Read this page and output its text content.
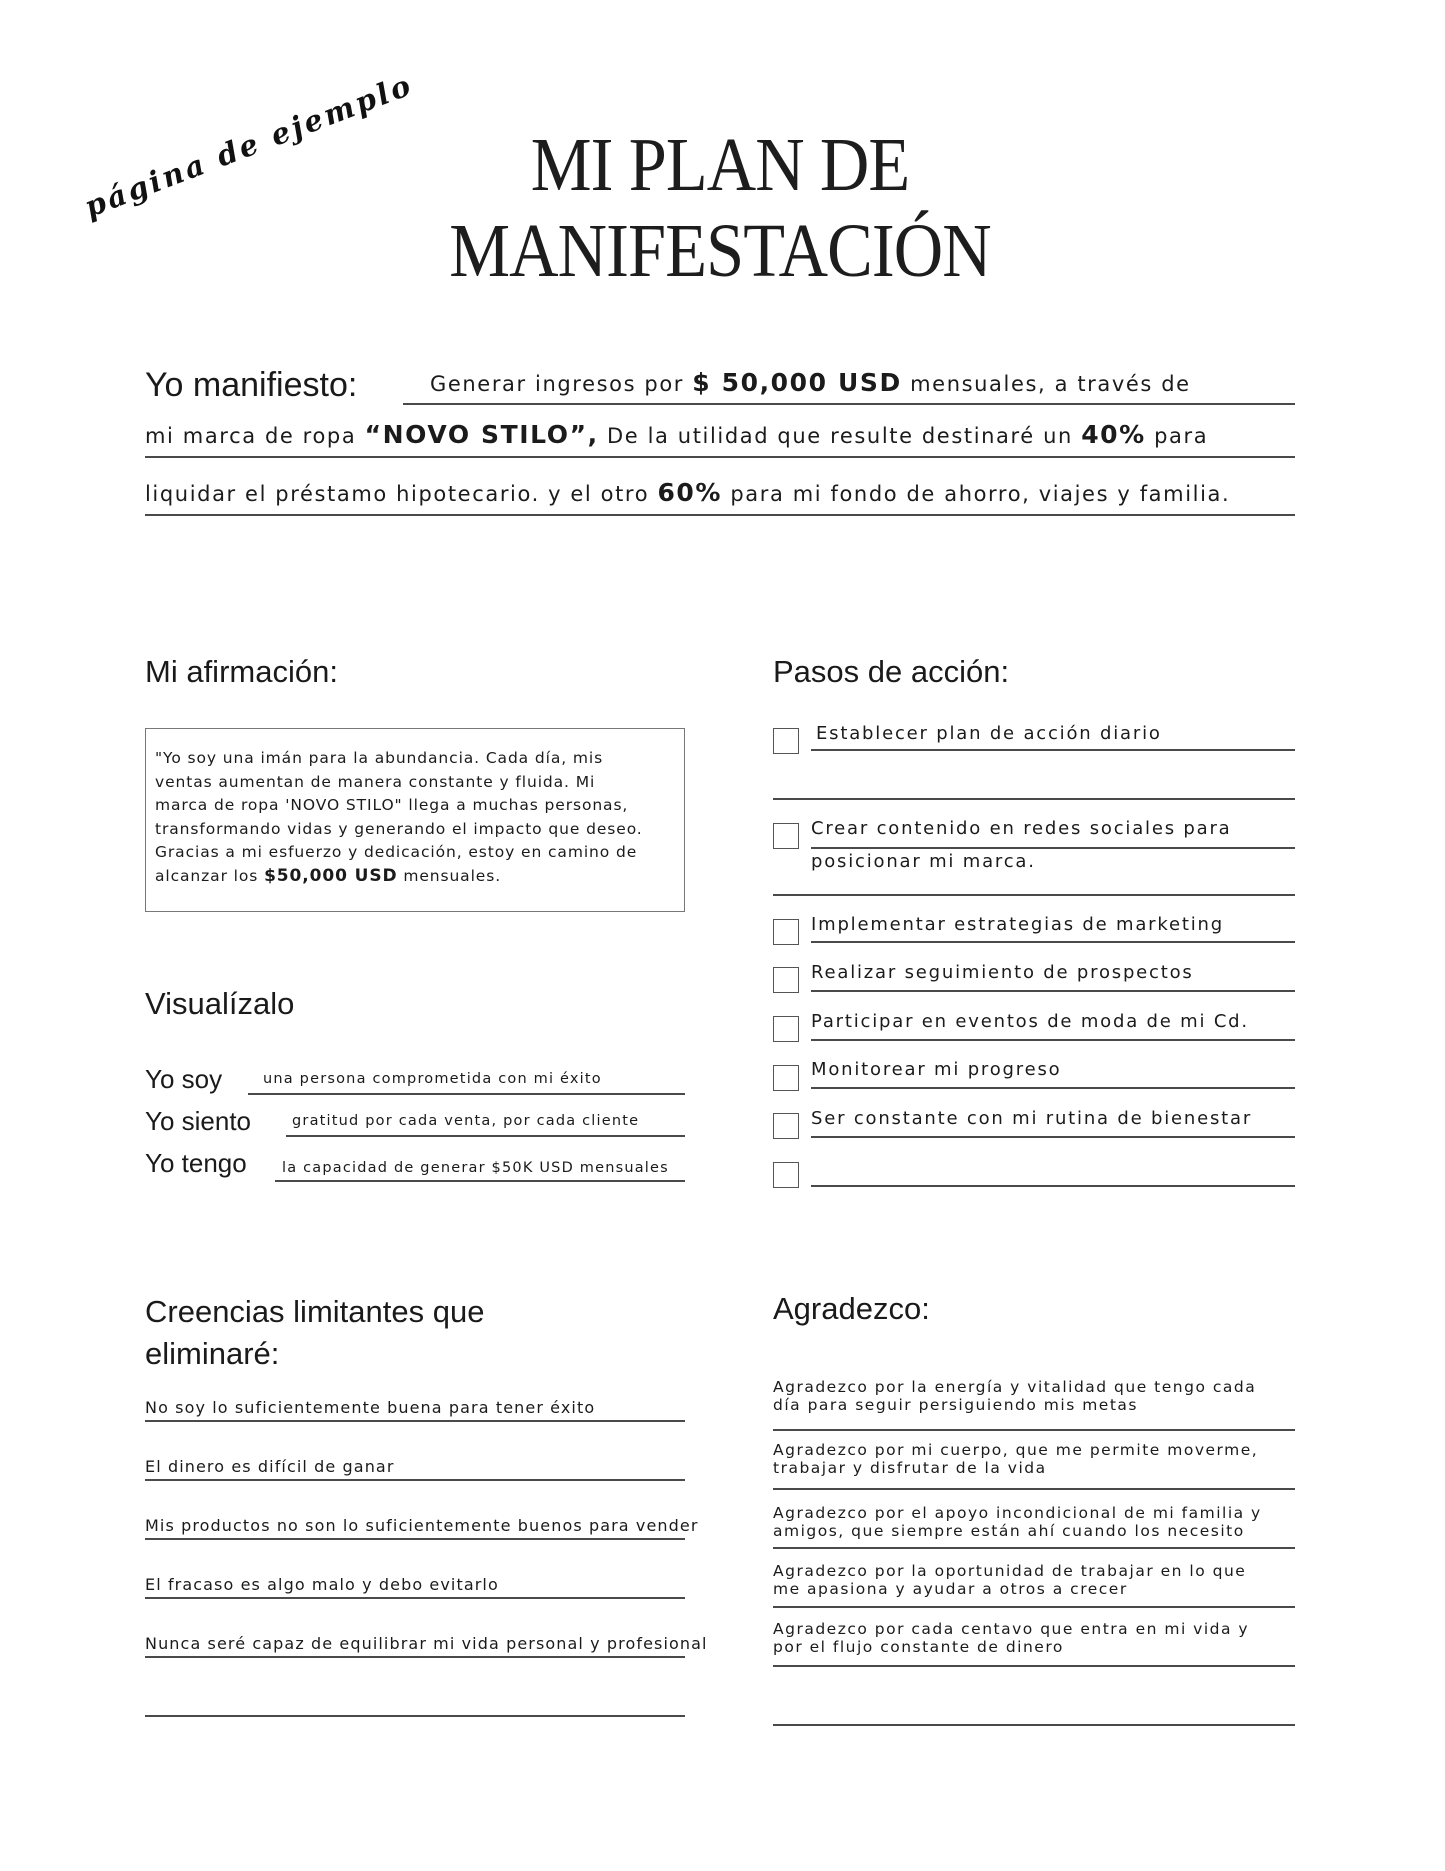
página de ejemplo	MI PLAN DE
MANIFESTACIÓN
Yo manifiesto:	Generar ingresos por $ 50,000 USD mensuales, a través de
mi marca de ropa “NOVO STILO”, De la utilidad que resulte destinaré un 40% para
liquidar el préstamo hipotecario. y el otro 60% para mi fondo de ahorro, viajes y familia.
Mi afirmación:
"Yo soy una imán para la abundancia. Cada día, mis
ventas aumentan de manera constante y fluida. Mi
marca de ropa 'NOVO STILO" llega a muchas personas,
transformando vidas y generando el impacto que deseo.
Gracias a mi esfuerzo y dedicación, estoy en camino de
alcanzar los $50,000 USD mensuales.
Visualízalo
Yo soy	una persona comprometida con mi éxito
Yo siento	gratitud por cada venta, por cada cliente
Yo tengo la capacidad de generar $50K USD mensuales
Pasos de acción:
Establecer plan de acción diario
Crear contenido en redes sociales para
posicionar mi marca.
Implementar estrategias de marketing
Realizar seguimiento de prospectos
Participar en eventos de moda de mi Cd.
Monitorear mi progreso
Ser constante con mi rutina de bienestar
Creencias limitantes que
eliminaré:
No soy lo suficientemente buena para tener éxito
El dinero es difícil de ganar
Mis productos no son lo suficientemente buenos para vender
El fracaso es algo malo y debo evitarlo
Nunca seré capaz de equilibrar mi vida personal y profesional
Agradezco:
Agradezco por la energía y vitalidad que tengo cada
día para seguir persiguiendo mis metas
Agradezco por mi cuerpo, que me permite moverme,
trabajar y disfrutar de la vida
Agradezco por el apoyo incondicional de mi familia y
amigos, que siempre están ahí cuando los necesito
Agradezco por la oportunidad de trabajar en lo que
me apasiona y ayudar a otros a crecer
Agradezco por cada centavo que entra en mi vida y
por el flujo constante de dinero
